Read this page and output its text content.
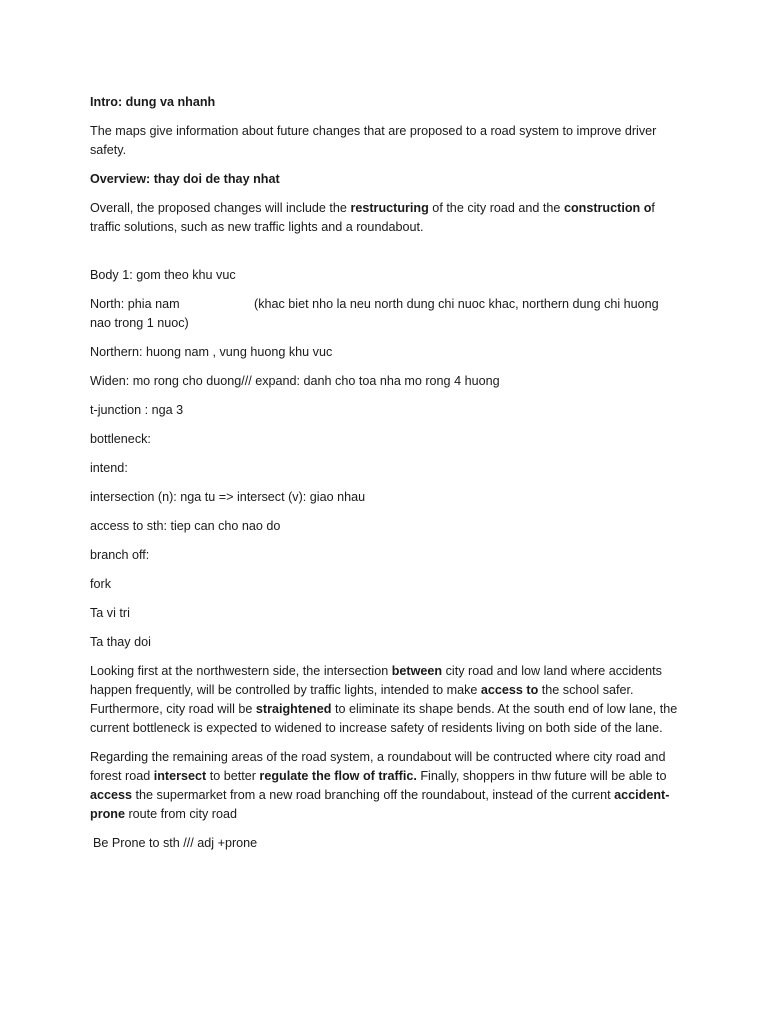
Intro: dung va nhanh

The maps give information about future changes that are proposed to a road system to improve driver safety.

Overview: thay doi de thay nhat

Overall, the proposed changes will include the restructuring of the city road and the construction of traffic solutions, such as new traffic lights and a roundabout.

Body 1: gom theo khu vuc

North: phia nam	(khac biet nho la neu north dung chi nuoc khac, northern dung chi huong nao trong 1 nuoc)

Northern: huong nam , vung huong khu vuc

Widen: mo rong cho duong/// expand: danh cho toa nha mo rong 4 huong

t-junction : nga 3

bottleneck:

intend:

intersection (n): nga tu => intersect (v): giao nhau

access to sth: tiep can cho nao do

branch off:

fork

Ta vi tri

Ta thay doi

Looking first at the northwestern side, the intersection between city road and low land where accidents happen frequently, will be controlled by traffic lights, intended to make access to the school safer. Furthermore, city road will be straightened to eliminate its shape bends. At the south end of low lane, the current bottleneck is expected to widened to increase safety of residents living on both side of the lane.

Regarding the remaining areas of the road system, a roundabout will be contructed where city road and forest road intersect to better regulate the flow of traffic. Finally, shoppers in thw future will be able to access the supermarket from a new road branching off the roundabout, instead of the current accident-prone route from city road

Be Prone to sth /// adj +prone
